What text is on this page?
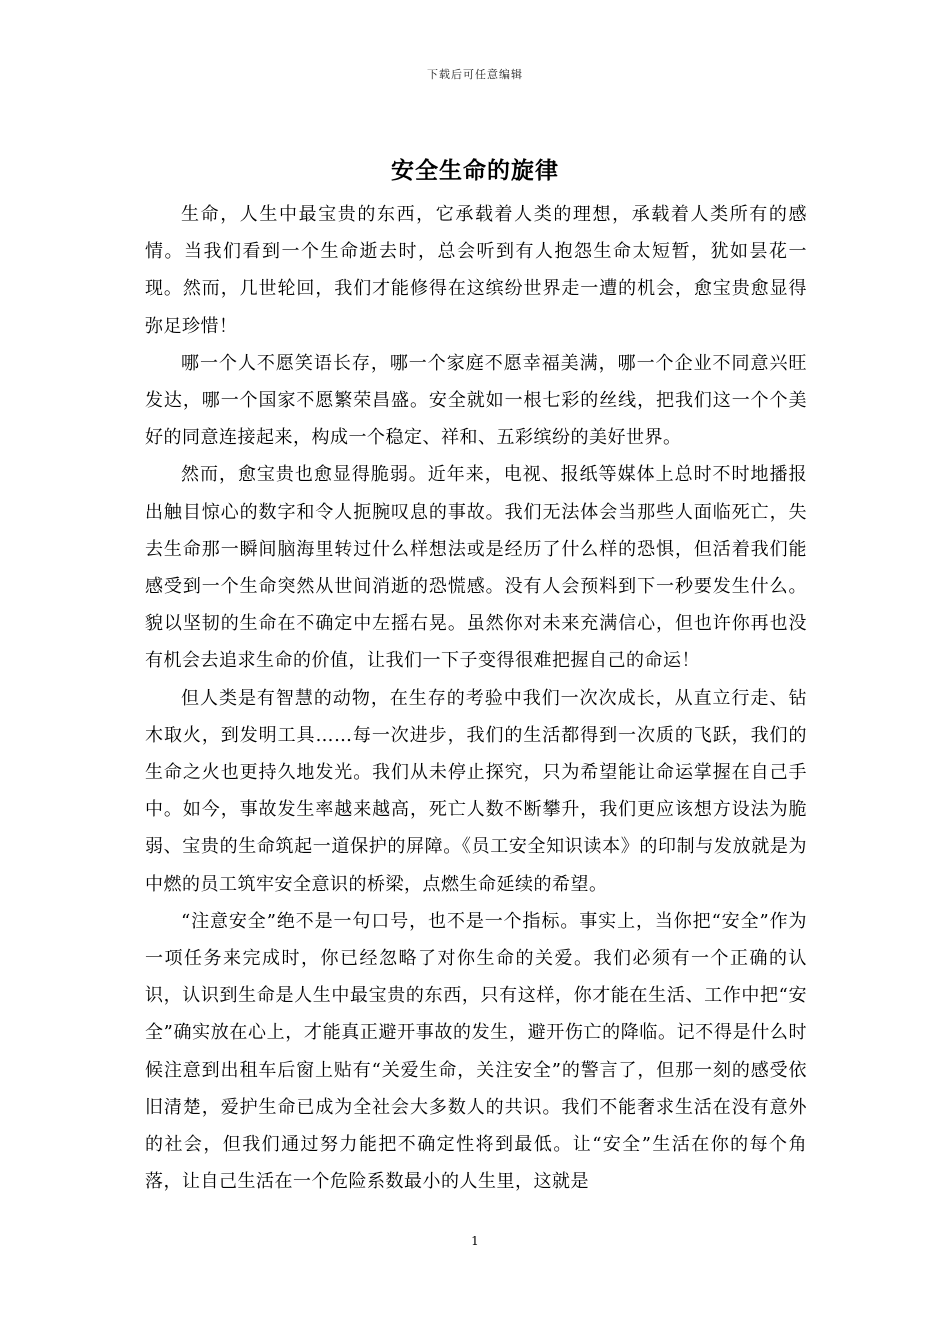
下载后可任意编辑
安全生命的旋律

生命，人生中最宝贵的东西，它承载着人类的理想，承载着人类所有的感情。当我们看到一个生命逝去时，总会听到有人抱怨生命太短暂，犹如昙花一现。然而，几世轮回，我们才能修得在这缤纷世界走一遭的机会，愈宝贵愈显得弥足珍惜！

哪一个人不愿笑语长存，哪一个家庭不愿幸福美满，哪一个企业不同意兴旺发达，哪一个国家不愿繁荣昌盛。安全就如一根七彩的丝线，把我们这一个个美好的同意连接起来，构成一个稳定、祥和、五彩缤纷的美好世界。

然而，愈宝贵也愈显得脆弱。近年来，电视、报纸等媒体上总时不时地播报出触目惊心的数字和令人扼腕叹息的事故。我们无法体会当那些人面临死亡，失去生命那一瞬间脑海里转过什么样想法或是经历了什么样的恐惧，但活着我们能感受到一个生命突然从世间消逝的恐慌感。没有人会预料到下一秒要发生什么。貌以坚韧的生命在不确定中左摇右晃。虽然你对未来充满信心，但也许你再也没有机会去追求生命的价值，让我们一下子变得很难把握自己的命运！

但人类是有智慧的动物，在生存的考验中我们一次次成长，从直立行走、钻木取火，到发明工具……每一次进步，我们的生活都得到一次质的飞跃，我们的生命之火也更持久地发光。我们从未停止探究，只为希望能让命运掌握在自己手中。如今，事故发生率越来越高，死亡人数不断攀升，我们更应该想方设法为脆弱、宝贵的生命筑起一道保护的屏障。《员工安全知识读本》的印制与发放就是为中燃的员工筑牢安全意识的桥梁，点燃生命延续的希望。

“注意安全”绝不是一句口号，也不是一个指标。事实上，当你把“安全”作为一项任务来完成时，你已经忽略了对你生命的关爱。我们必须有一个正确的认识，认识到生命是人生中最宝贵的东西，只有这样，你才能在生活、工作中把“安全”确实放在心上，才能真正避开事故的发生，避开伤亡的降临。记不得是什么时候注意到出租车后窗上贴有“关爱生命，关注安全”的警言了，但那一刻的感受依旧清楚，爱护生命已成为全社会大多数人的共识。我们不能奢求生活在没有意外的社会，但我们通过努力能把不确定性将到最低。让“安全”生活在你的每个角落，让自己生活在一个危险系数最小的人生里，这就是

1
